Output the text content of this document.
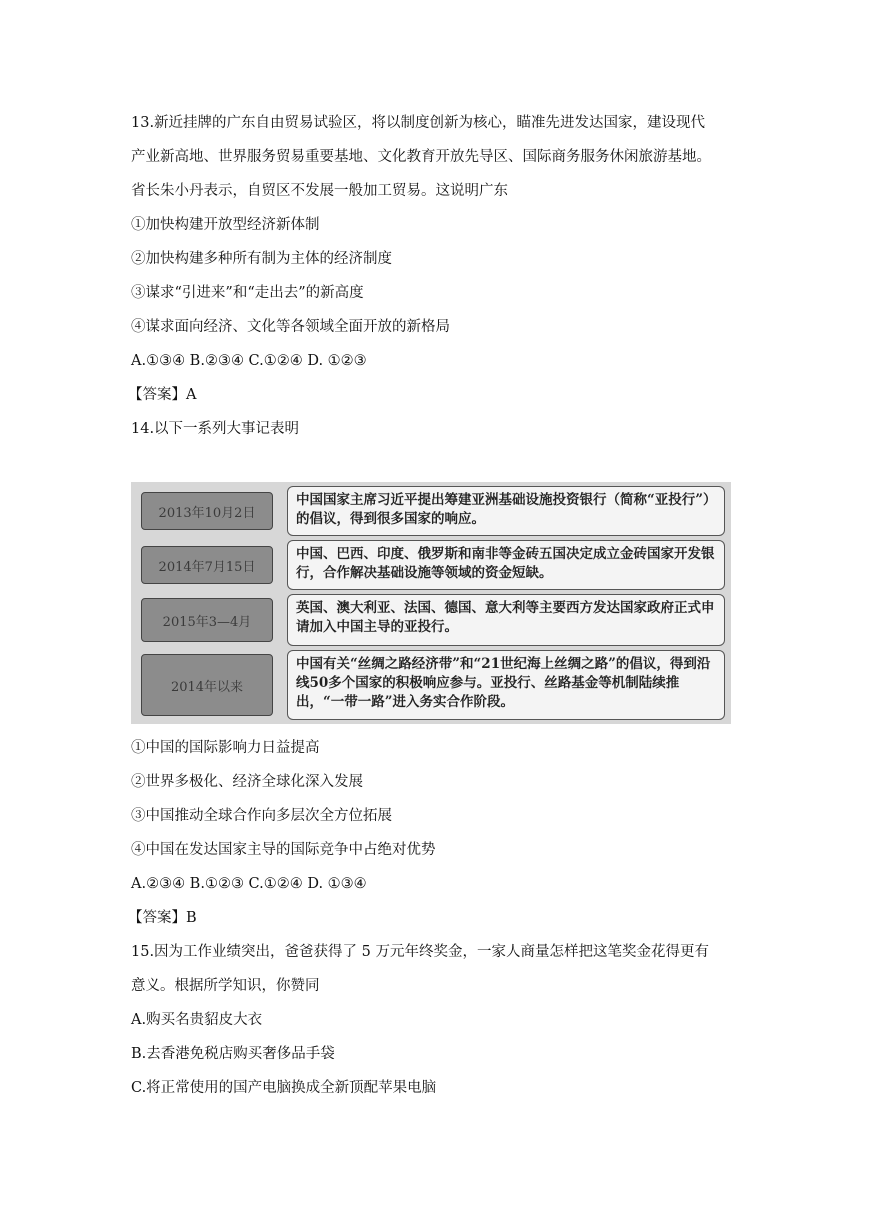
13.新近挂牌的广东自由贸易试验区，将以制度创新为核心，瞄准先进发达国家，建设现代
产业新高地、世界服务贸易重要基地、文化教育开放先导区、国际商务服务休闲旅游基地。
省长朱小丹表示，自贸区不发展一般加工贸易。这说明广东
①加快构建开放型经济新体制
②加快构建多种所有制为主体的经济制度
③谋求“引进来”和“走出去”的新高度
④谋求面向经济、文化等各领域全面开放的新格局
A.①③④ B.②③④ C.①②④ D. ①②③
【答案】A
14.以下一系列大事记表明
2013年10月2日
中国国家主席习近平提出筹建亚洲基础设施投资银行（简称“亚投行”）的倡议，得到很多国家的响应。
2014年7月15日
中国、巴西、印度、俄罗斯和南非等金砖五国决定成立金砖国家开发银行，合作解决基础设施等领域的资金短缺。
2015年3—4月
英国、澳大利亚、法国、德国、意大利等主要西方发达国家政府正式申请加入中国主导的亚投行。
2014年以来
中国有关“丝绸之路经济带”和“21世纪海上丝绸之路”的倡议，得到沿线50多个国家的积极响应参与。亚投行、丝路基金等机制陆续推出，“一带一路”进入务实合作阶段。
①中国的国际影响力日益提高
②世界多极化、经济全球化深入发展
③中国推动全球合作向多层次全方位拓展
④中国在发达国家主导的国际竞争中占绝对优势
A.②③④ B.①②③ C.①②④ D. ①③④
【答案】B
15.因为工作业绩突出，爸爸获得了 5 万元年终奖金，一家人商量怎样把这笔奖金花得更有
意义。根据所学知识，你赞同
A.购买名贵貂皮大衣
B.去香港免税店购买奢侈品手袋
C.将正常使用的国产电脑换成全新顶配苹果电脑
